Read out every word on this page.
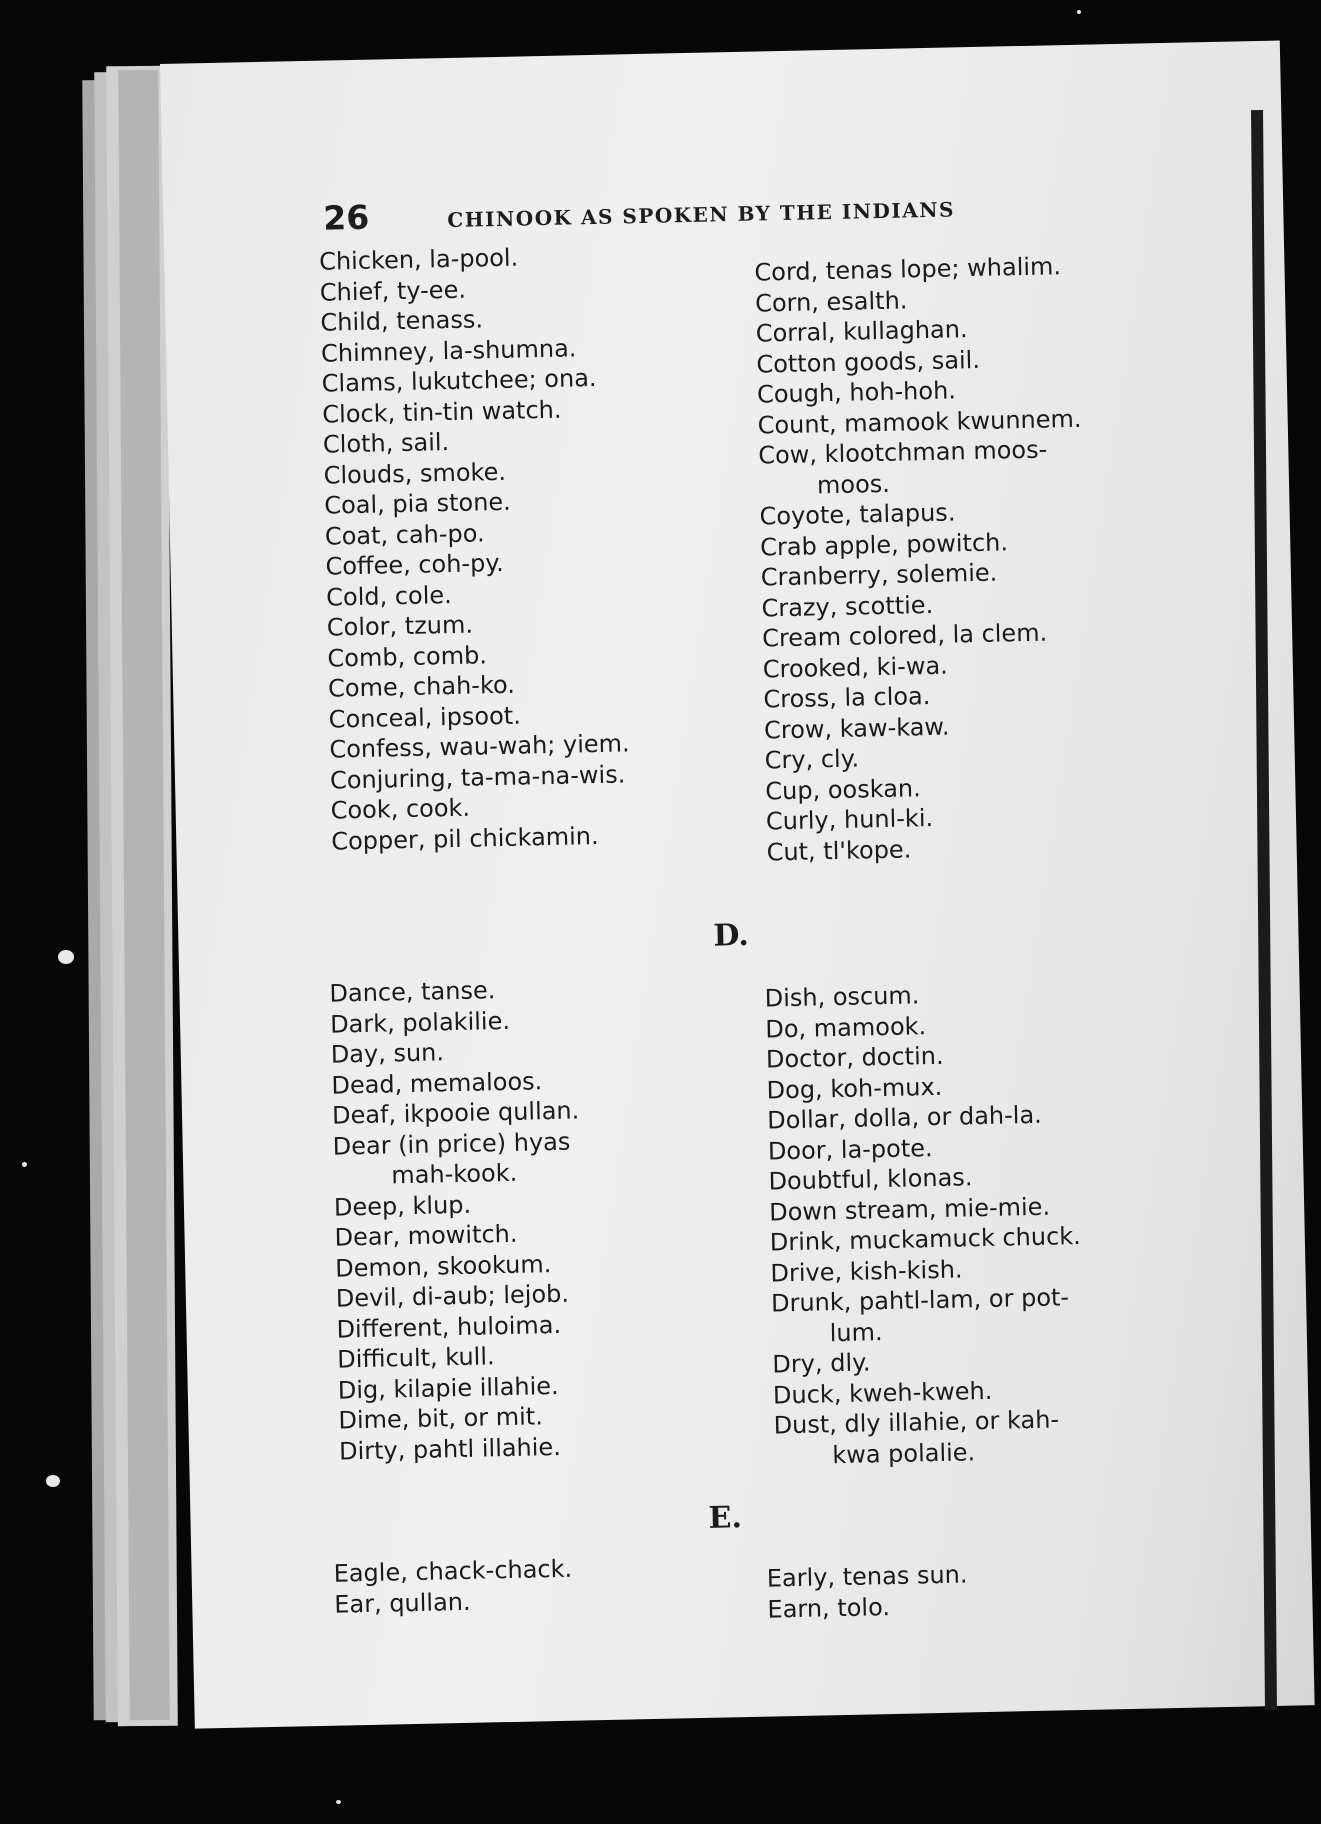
26	CHINOOK AS SPOKEN BY THE INDIANS
Chicken, la-pool.
Chief, ty-ee.
Child, tenass.
Chimney, la-shumna.
Clams, lukutchee; ona.
Clock, tin-tin watch.
Cloth, sail.
Clouds, smoke.
Coal, pia stone.
Coat, cah-po.
Coffee, coh-py.
Cold, cole.
Color, tzum.
Comb, comb.
Come, chah-ko.
Conceal, ipsoot.
Confess, wau-wah; yiem.
Conjuring, ta-ma-na-wis.
Cook, cook.
Copper, pil chickamin.
Cord, tenas lope; whalim.
Corn, esalth.
Corral, kullaghan.
Cotton goods, sail.
Cough, hoh-hoh.
Count, mamook kwunnem.
Cow, klootchman moos-
moos.
Coyote, talapus.
Crab apple, powitch.
Cranberry, solemie.
Crazy, scottie.
Cream colored, la clem.
Crooked, ki-wa.
Cross, la cloa.
Crow, kaw-kaw.
Cry, cly.
Cup, ooskan.
Curly, hunl-ki.
Cut, tl'kope.
D.
Dance, tanse.
Dark, polakilie.
Day, sun.
Dead, memaloos.
Deaf, ikpooie qullan.
Dear (in price) hyas
mah-kook.
Deep, klup.
Dear, mowitch.
Demon, skookum.
Devil, di-aub; lejob.
Different, huloima.
Difficult, kull.
Dig, kilapie illahie.
Dime, bit, or mit.
Dirty, pahtl illahie.
Dish, oscum.
Do, mamook.
Doctor, doctin.
Dog, koh-mux.
Dollar, dolla, or dah-la.
Door, la-pote.
Doubtful, klonas.
Down stream, mie-mie.
Drink, muckamuck chuck.
Drive, kish-kish.
Drunk, pahtl-lam, or pot-
lum.
Dry, dly.
Duck, kweh-kweh.
Dust, dly illahie, or kah-
kwa polalie.
E.
Eagle, chack-chack.
Ear, qullan.
Early, tenas sun.
Earn, tolo.
